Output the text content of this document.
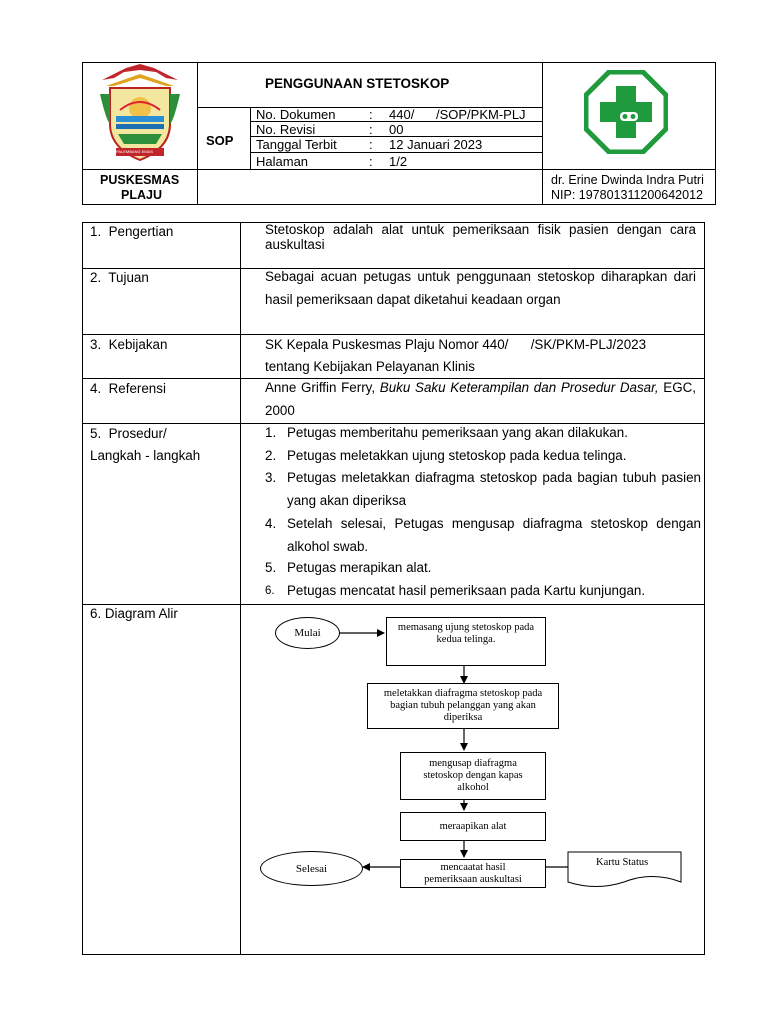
PALEMBANG EMAS
SOP
PENGGUNAAN STETOSKOP
No. Dokumen	: 440/      /SOP/PKM-PLJ
No. Revisi	: 00
Tanggal Terbit : 12 Januari 2023
Halaman	: 1/2
PUSKESMAS
PLAJU
dr. Erine Dwinda Indra Putri
NIP: 197801311200642012
1.  Pengertian	Stetoskop adalah alat untuk pemeriksaan fisik pasien dengan cara auskultasi
2.  Tujuan	Sebagai acuan petugas untuk penggunaan stetoskop diharapkan dari hasil pemeriksaan dapat diketahui keadaan organ
3.  Kebijakan	SK Kepala Puskesmas Plaju Nomor 440/      /SK/PKM-PLJ/2023
tentang Kebijakan Pelayanan Klinis
4.  Referensi	Anne Griffin Ferry, Buku Saku Keterampilan dan Prosedur Dasar, EGC, 2000
5.  Prosedur/
Langkah - langkah
1. Petugas memberitahu pemeriksaan yang akan dilakukan.
2. Petugas meletakkan ujung stetoskop pada kedua telinga.
3. Petugas meletakkan diafragma stetoskop pada bagian tubuh pasien yang akan diperiksa
4. Setelah selesai, Petugas mengusap diafragma stetoskop dengan alkohol swab.
5. Petugas merapikan alat.
6. Petugas mencatat hasil pemeriksaan pada Kartu kunjungan.
6. Diagram Alir
Mulai	memasang ujung stetoskop pada kedua telinga.
meletakkan diafragma stetoskop pada bagian tubuh pelanggan yang akan diperiksa
mengusap diafragma stetoskop dengan kapas alkohol
meraapikan alat
mencaatat hasil pemeriksaan auskultasi
Selesai	Kartu Status
